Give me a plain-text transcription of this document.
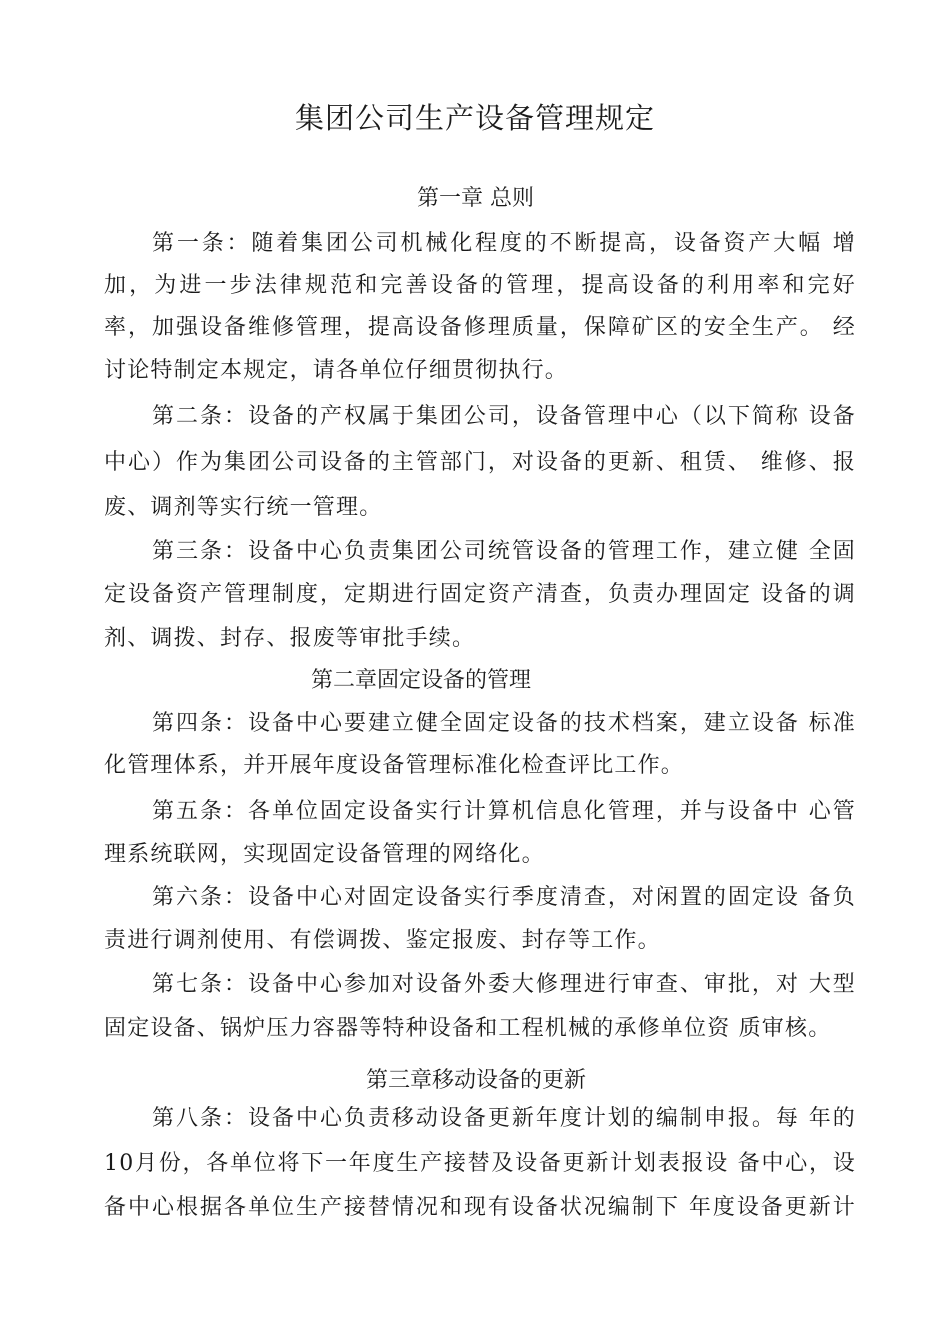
集团公司生产设备管理规定
第一章 总则
第一条：随着集团公司机械化程度的不断提高，设备资产大幅 增
加，为进一步法律规范和完善设备的管理，提高设备的利用率和完好
率，加强设备维修管理，提高设备修理质量，保障矿区的安全生产。 经
讨论特制定本规定，请各单位仔细贯彻执行。
第二条：设备的产权属于集团公司，设备管理中心（以下简称 设备
中心）作为集团公司设备的主管部门，对设备的更新、租赁、 维修、报
废、调剂等实行统一管理。
第三条：设备中心负责集团公司统管设备的管理工作，建立健 全固
定设备资产管理制度，定期进行固定资产清查，负责办理固定 设备的调
剂、调拨、封存、报废等审批手续。
第二章固定设备的管理
第四条：设备中心要建立健全固定设备的技术档案，建立设备 标准
化管理体系，并开展年度设备管理标准化检查评比工作。
第五条：各单位固定设备实行计算机信息化管理，并与设备中 心管
理系统联网，实现固定设备管理的网络化。
第六条：设备中心对固定设备实行季度清查，对闲置的固定设 备负
责进行调剂使用、有偿调拨、鉴定报废、封存等工作。
第七条：设备中心参加对设备外委大修理进行审查、审批，对 大型
固定设备、锅炉压力容器等特种设备和工程机械的承修单位资 质审核。
第三章移动设备的更新
第八条：设备中心负责移动设备更新年度计划的编制申报。每 年的
10月份，各单位将下一年度生产接替及设备更新计划表报设 备中心，设
备中心根据各单位生产接替情况和现有设备状况编制下 年度设备更新计
